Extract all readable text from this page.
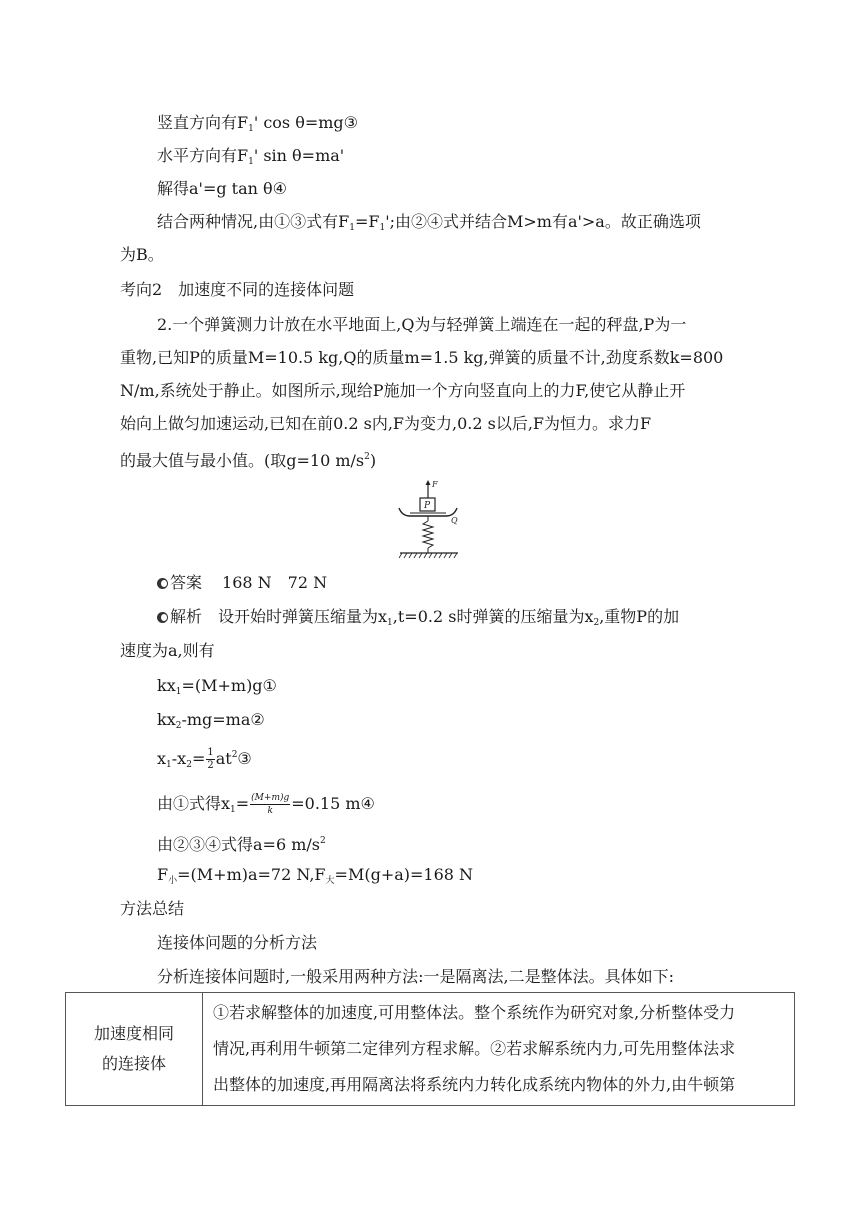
竖直方向有$F_1'$ cos θ=mg③
水平方向有$F_1'$ sin θ=ma'
解得a'=g tan θ④
结合两种情况,由①③式有$F_1=F_1'$;由②④式并结合M>m有a'>a。故正确选项
为B。
考向2　加速度不同的连接体问题
2.一个弹簧测力计放在水平地面上,Q为与轻弹簧上端连在一起的秤盘,P为一
重物,已知P的质量M=10.5 kg,Q的质量m=1.5 kg,弹簧的质量不计,劲度系数k=800
N/m,系统处于静止。如图所示,现给P施加一个方向竖直向上的力F,使它从静止开
始向上做匀加速运动,已知在前0.2 s内,F为变力,0.2 s以后,F为恒力。求力F
的最大值与最小值。(取g=10 $m/s^2$)
F
P
Q
答案 168 N　72 N
解析 设开始时弹簧压缩量为$x_1,t=0.2$ s时弹簧的压缩量为$x_2$,重物P的加
速度为a,则有
$kx_1=(M+m)g①$
$kx_2-mg=ma②$
$x_1-x_2= \frac{1}{2}$ $at^2③$
由①式得$x_1= \frac{(M+m)g}{k} =0.15$ m④
由②③④式得a=6 $m/s^2$
$F_小=(M+m)a=72$ $N,F_大=M(g+a)=168$ N
方法总结
连接体问题的分析方法
分析连接体问题时,一般采用两种方法:一是隔离法,二是整体法。具体如下:
加速度相同
的连接体	①若求解整体的加速度,可用整体法。整个系统作为研究对象,分析整体受力
情况,再利用牛顿第二定律列方程求解。②若求解系统内力,可先用整体法求
出整体的加速度,再用隔离法将系统内力转化成系统内物体的外力,由牛顿第
